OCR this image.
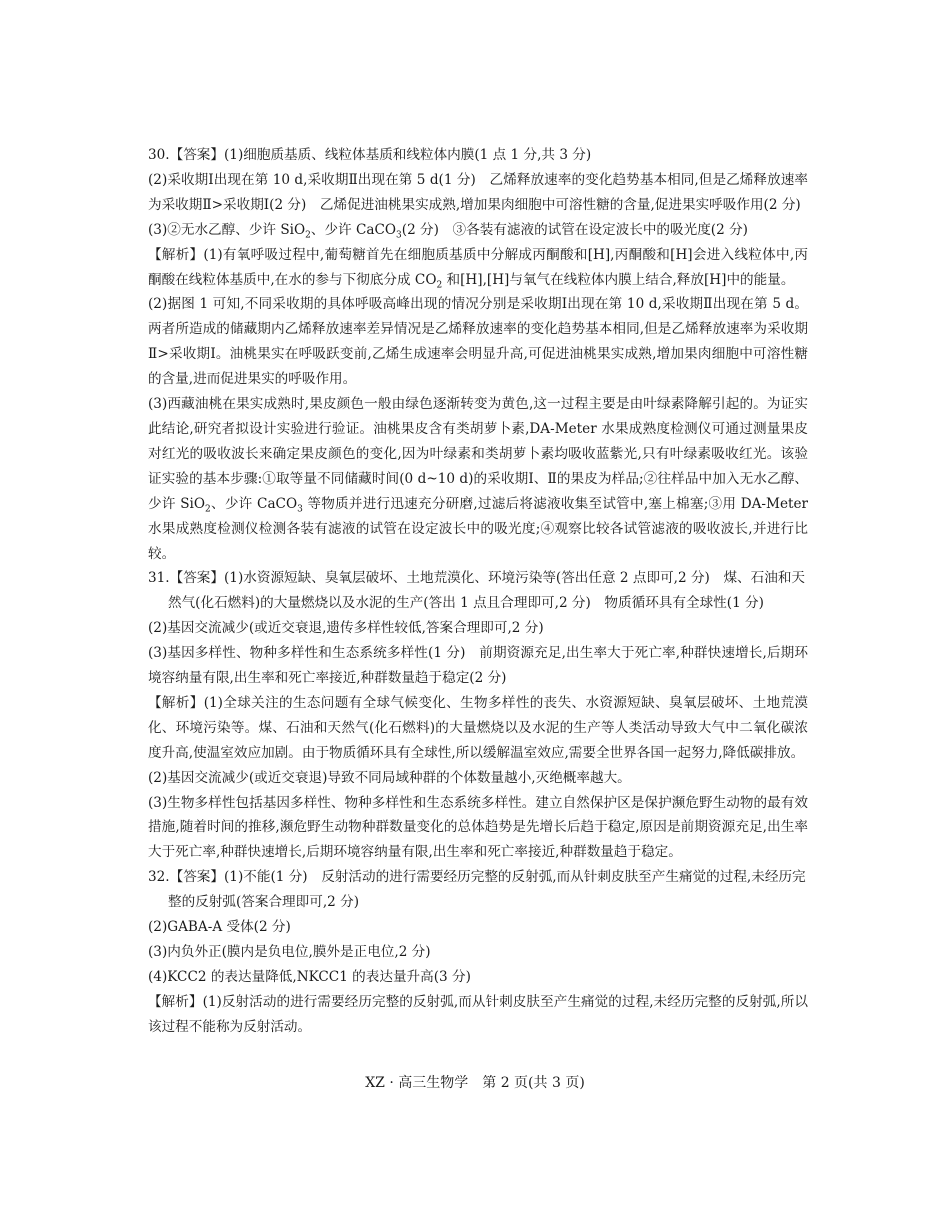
30.【答案】(1)细胞质基质、线粒体基质和线粒体内膜(1 点 1 分,共 3 分)

(2)采收期Ⅰ出现在第 10 d,采收期Ⅱ出现在第 5 d(1 分)　乙烯释放速率的变化趋势基本相同,但是乙烯释放速率为采收期Ⅱ>采收期Ⅰ(2 分)　乙烯促进油桃果实成熟,增加果肉细胞中可溶性糖的含量,促进果实呼吸作用(2 分)

(3)②无水乙醇、少许 SiO$_2$、少许 CaCO$_3$(2 分)　③各装有滤液的试管在设定波长中的吸光度(2 分)

【解析】(1)有氧呼吸过程中,葡萄糖首先在细胞质基质中分解成丙酮酸和[H],丙酮酸和[H]会进入线粒体中,丙酮酸在线粒体基质中,在水的参与下彻底分成 $CO_2$ 和[H],[H]与氧气在线粒体内膜上结合,释放[H]中的能量。

(2)据图 1 可知,不同采收期的具体呼吸高峰出现的情况分别是采收期Ⅰ出现在第 10 d,采收期Ⅱ出现在第 5 d。两者所造成的储藏期内乙烯释放速率差异情况是乙烯释放速率的变化趋势基本相同,但是乙烯释放速率为采收期Ⅱ>采收期Ⅰ。油桃果实在呼吸跃变前,乙烯生成速率会明显升高,可促进油桃果实成熟,增加果肉细胞中可溶性糖的含量,进而促进果实的呼吸作用。

(3)西藏油桃在果实成熟时,果皮颜色一般由绿色逐渐转变为黄色,这一过程主要是由叶绿素降解引起的。为证实此结论,研究者拟设计实验进行验证。油桃果皮含有类胡萝卜素,DA-Meter 水果成熟度检测仪可通过测量果皮对红光的吸收波长来确定果皮颜色的变化,因为叶绿素和类胡萝卜素均吸收蓝紫光,只有叶绿素吸收红光。该验证实验的基本步骤:①取等量不同储藏时间(0 d~10 d)的采收期Ⅰ、Ⅱ的果皮为样品;②往样品中加入无水乙醇、少许 SiO$_2$、少许 CaCO$_3$ 等物质并进行迅速充分研磨,过滤后将滤液收集至试管中,塞上棉塞;③用 DA-Meter 水果成熟度检测仪检测各装有滤液的试管在设定波长中的吸光度;④观察比较各试管滤液的吸收波长,并进行比较。

31.【答案】(1)水资源短缺、臭氧层破坏、土地荒漠化、环境污染等(答出任意 2 点即可,2 分)　煤、石油和天然气(化石燃料)的大量燃烧以及水泥的生产(答出 1 点且合理即可,2 分)　物质循环具有全球性(1 分)

(2)基因交流减少(或近交衰退,遗传多样性较低,答案合理即可,2 分)

(3)基因多样性、物种多样性和生态系统多样性(1 分)　前期资源充足,出生率大于死亡率,种群快速增长,后期环境容纳量有限,出生率和死亡率接近,种群数量趋于稳定(2 分)

【解析】(1)全球关注的生态问题有全球气候变化、生物多样性的丧失、水资源短缺、臭氧层破坏、土地荒漠化、环境污染等。煤、石油和天然气(化石燃料)的大量燃烧以及水泥的生产等人类活动导致大气中二氧化碳浓度升高,使温室效应加剧。由于物质循环具有全球性,所以缓解温室效应,需要全世界各国一起努力,降低碳排放。

(2)基因交流减少(或近交衰退)导致不同局域种群的个体数量越小,灭绝概率越大。

(3)生物多样性包括基因多样性、物种多样性和生态系统多样性。建立自然保护区是保护濒危野生动物的最有效措施,随着时间的推移,濒危野生动物种群数量变化的总体趋势是先增长后趋于稳定,原因是前期资源充足,出生率大于死亡率,种群快速增长,后期环境容纳量有限,出生率和死亡率接近,种群数量趋于稳定。

32.【答案】(1)不能(1 分)　反射活动的进行需要经历完整的反射弧,而从针刺皮肤至产生痛觉的过程,未经历完整的反射弧(答案合理即可,2 分)

(2)GABA-A 受体(2 分)

(3)内负外正(膜内是负电位,膜外是正电位,2 分)

(4)KCC2 的表达量降低,NKCC1 的表达量升高(3 分)

【解析】(1)反射活动的进行需要经历完整的反射弧,而从针刺皮肤至产生痛觉的过程,未经历完整的反射弧,所以该过程不能称为反射活动。

XZ · 高三生物学　第 2 页(共 3 页)
